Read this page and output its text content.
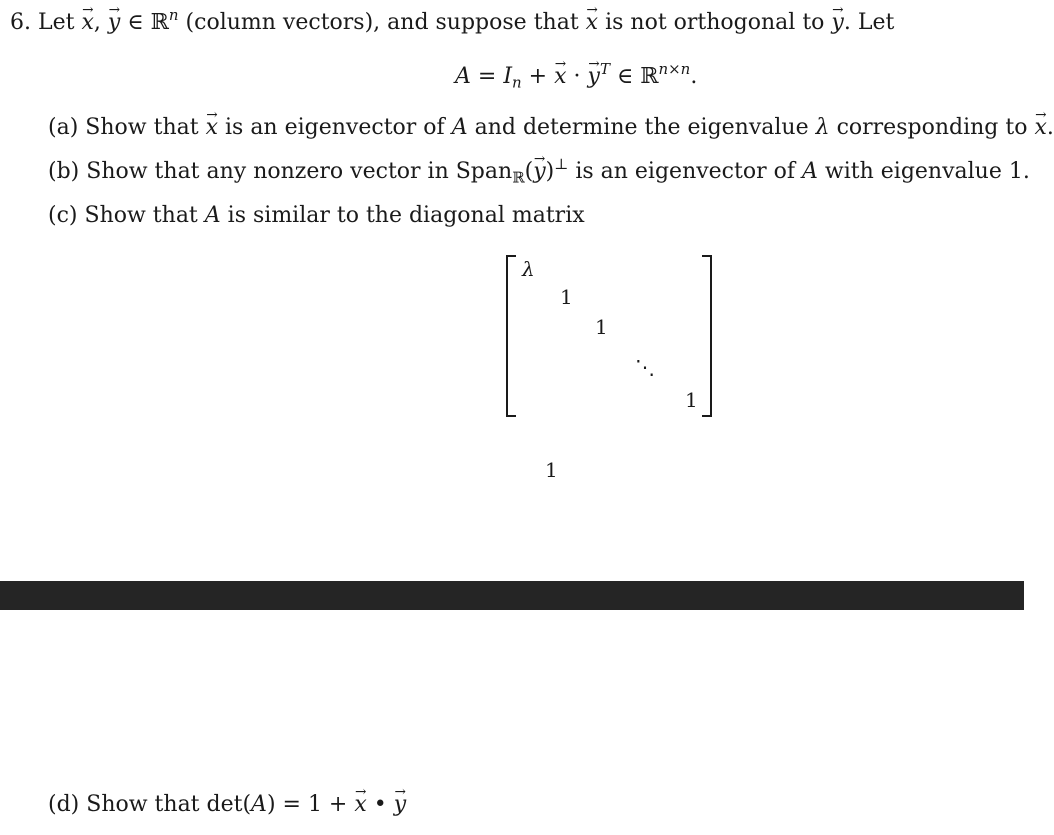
6. Let → x, → y ∈ ℝ$^n$ (column vectors), and suppose that → x is not orthogonal to → y. Let
$A = I_n$ + → x · → $y^T$ ∈ ℝ$^{n\times n}$.
(a) Show that → x is an eigenvector of A and determine the eigenvalue λ corresponding to → x.
(b) Show that any nonzero vector in Span$_ℝ$(→ y)⊥ is an eigenvector of A with eigenvalue 1.
(c) Show that A is similar to the diagonal matrix
λ
1
1
⋱
1
1
(d) Show that det(A) = 1 + → x • → y
